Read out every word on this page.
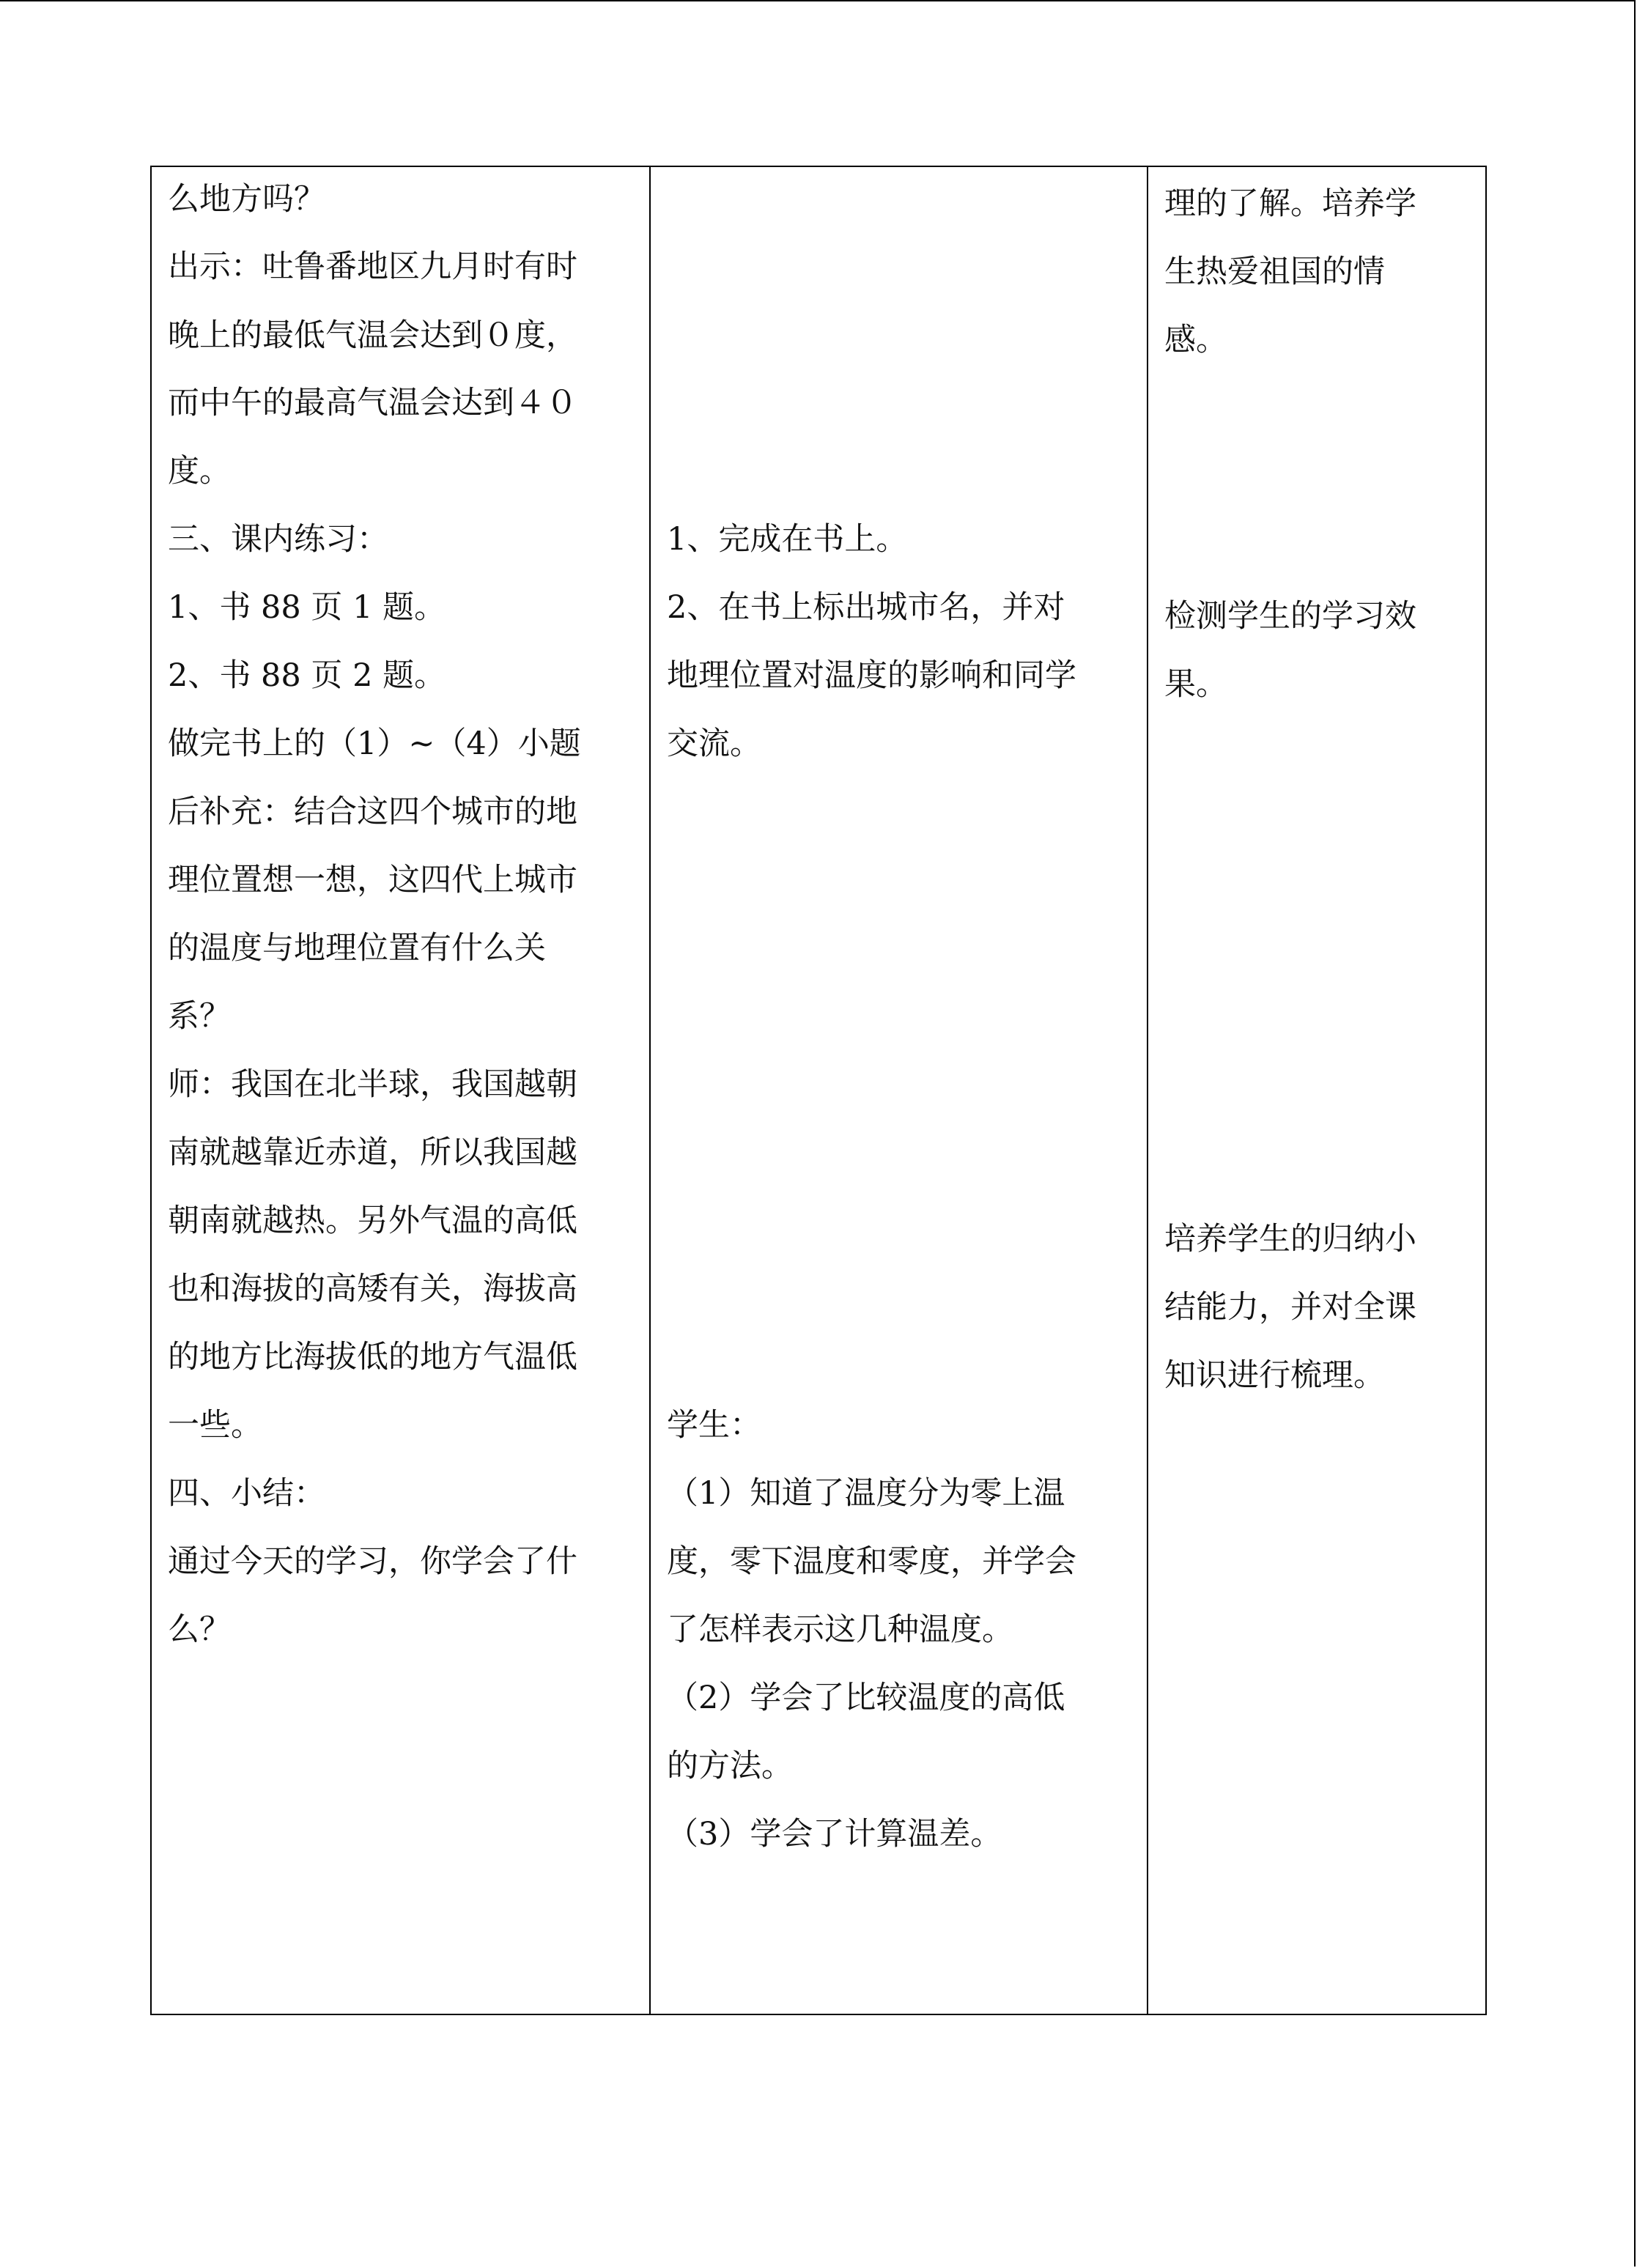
么地方吗？
出示：吐鲁番地区九月时有时
晚上的最低气温会达到０度，
而中午的最高气温会达到４０
度。
三、课内练习：
1、书 88 页 1 题。
2、书 88 页 2 题。
做完书上的（1）~（4）小题
后补充：结合这四个城市的地
理位置想一想，这四代上城市
的温度与地理位置有什么关
系？
师：我国在北半球，我国越朝
南就越靠近赤道，所以我国越
朝南就越热。另外气温的高低
也和海拔的高矮有关，海拔高
的地方比海拔低的地方气温低
一些。
四、小结：
通过今天的学习，你学会了什
么？
1、完成在书上。
2、在书上标出城市名，并对
地理位置对温度的影响和同学
交流。
学生：
（1）知道了温度分为零上温
度，零下温度和零度，并学会
了怎样表示这几种温度。
（2）学会了比较温度的高低
的方法。
（3）学会了计算温差。
理的了解。培养学
生热爱祖国的情
感。
检测学生的学习效
果。
培养学生的归纳小
结能力，并对全课
知识进行梳理。
